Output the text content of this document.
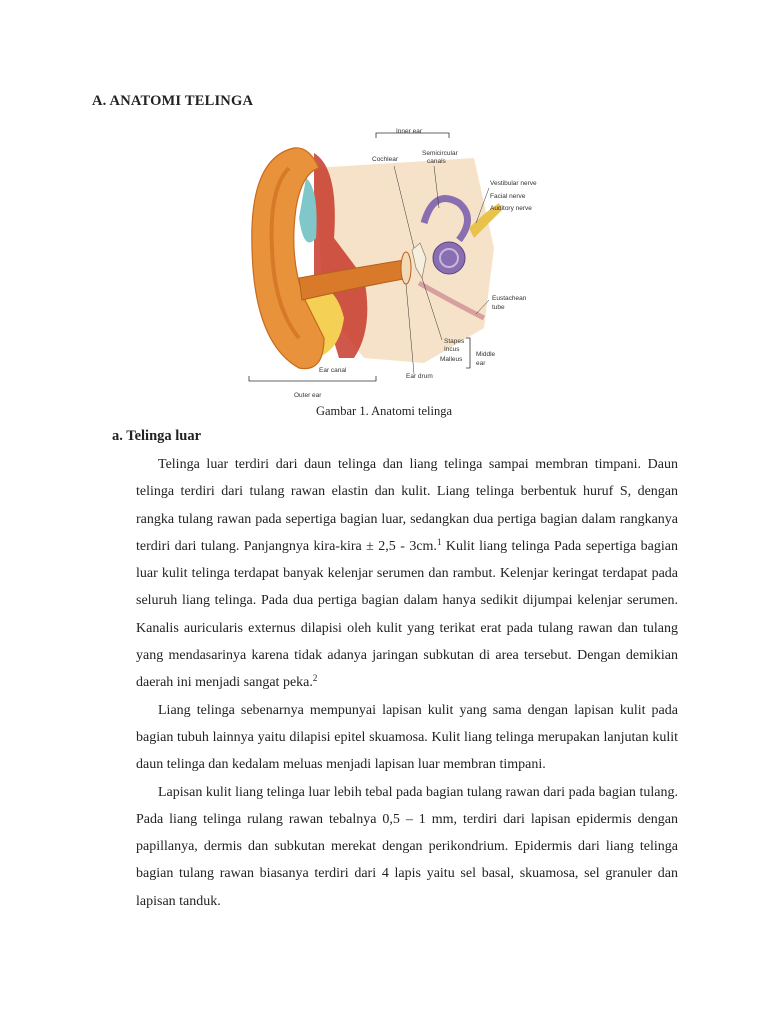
A. ANATOMI TELINGA
Inner ear
Cochlear
Semicircular
canals
Vestibular nerve
Facial nerve
Auditory nerve
Eustachean
tube
Stapes
Incus
Malleus
Middle
ear
Ear drum
Ear canal
Outer ear
Gambar 1. Anatomi telinga
a. Telinga luar

Telinga luar terdiri dari daun telinga dan liang telinga sampai membran timpani. Daun telinga terdiri dari tulang rawan elastin dan kulit. Liang telinga berbentuk huruf S, dengan rangka tulang rawan pada sepertiga bagian luar, sedangkan dua pertiga bagian dalam rangkanya terdiri dari tulang. Panjangnya kira-kira ± 2,5 - 3cm.$^1$ Kulit liang telinga Pada sepertiga bagian luar kulit telinga terdapat banyak kelenjar serumen dan rambut. Kelenjar keringat terdapat pada seluruh liang telinga. Pada dua pertiga bagian dalam hanya sedikit dijumpai kelenjar serumen. Kanalis auricularis externus dilapisi oleh kulit yang terikat erat pada tulang rawan dan tulang yang mendasarinya karena tidak adanya jaringan subkutan di area tersebut. Dengan demikian daerah ini menjadi sangat peka.$^2$

Liang telinga sebenarnya mempunyai lapisan kulit yang sama dengan lapisan kulit pada bagian tubuh lainnya yaitu dilapisi epitel skuamosa. Kulit liang telinga merupakan lanjutan kulit daun telinga dan kedalam meluas menjadi lapisan luar membran timpani.

Lapisan kulit liang telinga luar lebih tebal pada bagian tulang rawan dari pada bagian tulang. Pada liang telinga rulang rawan tebalnya 0,5 – 1 mm, terdiri dari lapisan epidermis dengan papillanya, dermis dan subkutan merekat dengan perikondrium. Epidermis dari liang telinga bagian tulang rawan biasanya terdiri dari 4 lapis yaitu sel basal, skuamosa, sel granuler dan lapisan tanduk.
